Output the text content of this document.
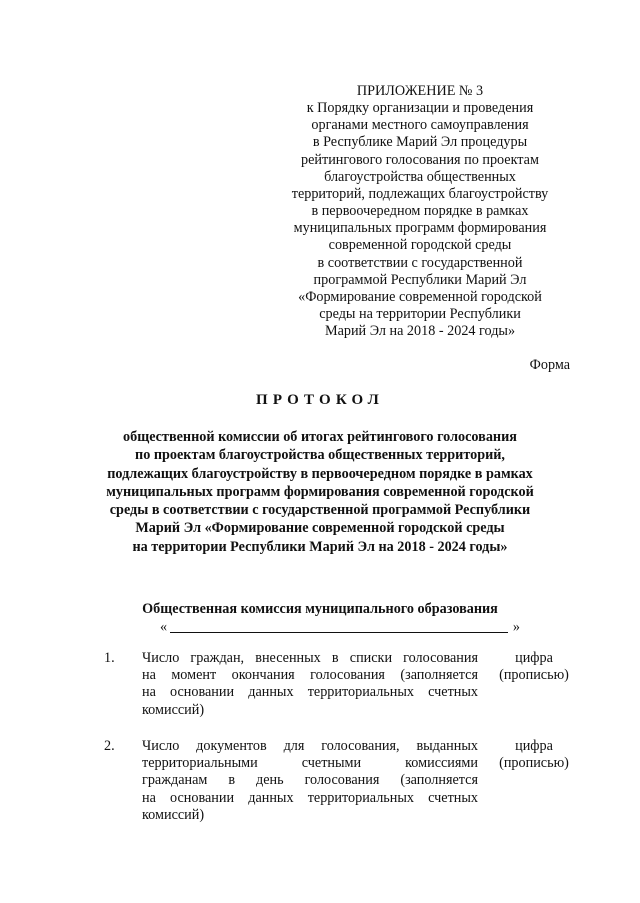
ПРИЛОЖЕНИЕ № 3
к Порядку организации и проведения
органами местного самоуправления
в Республике Марий Эл процедуры
рейтингового голосования по проектам
благоустройства общественных
территорий, подлежащих благоустройству
в первоочередном порядке в рамках
муниципальных программ формирования
современной городской среды
в соответствии с государственной
программой Республики Марий Эл
«Формирование современной городской
среды на территории Республики
Марий Эл на 2018 - 2024 годы»
Форма
ПРОТОКОЛ
общественной комиссии об итогах рейтингового голосования
по проектам благоустройства общественных территорий,
подлежащих благоустройству в первоочередном порядке в рамках
муниципальных программ формирования современной городской
среды в соответствии с государственной программой Республики
Марий Эл «Формирование современной городской среды
на территории Республики Марий Эл на 2018 - 2024 годы»
Общественная комиссия муниципального образования
«	»
1. Число граждан, внесенных в списки голосования
на момент окончания голосования (заполняется
на основании данных территориальных счетных
комиссий)
цифра
(прописью)
2. Число документов для голосования, выданных
территориальными счетными комиссиями
гражданам в день голосования (заполняется
на основании данных территориальных счетных
комиссий)
цифра
(прописью)
